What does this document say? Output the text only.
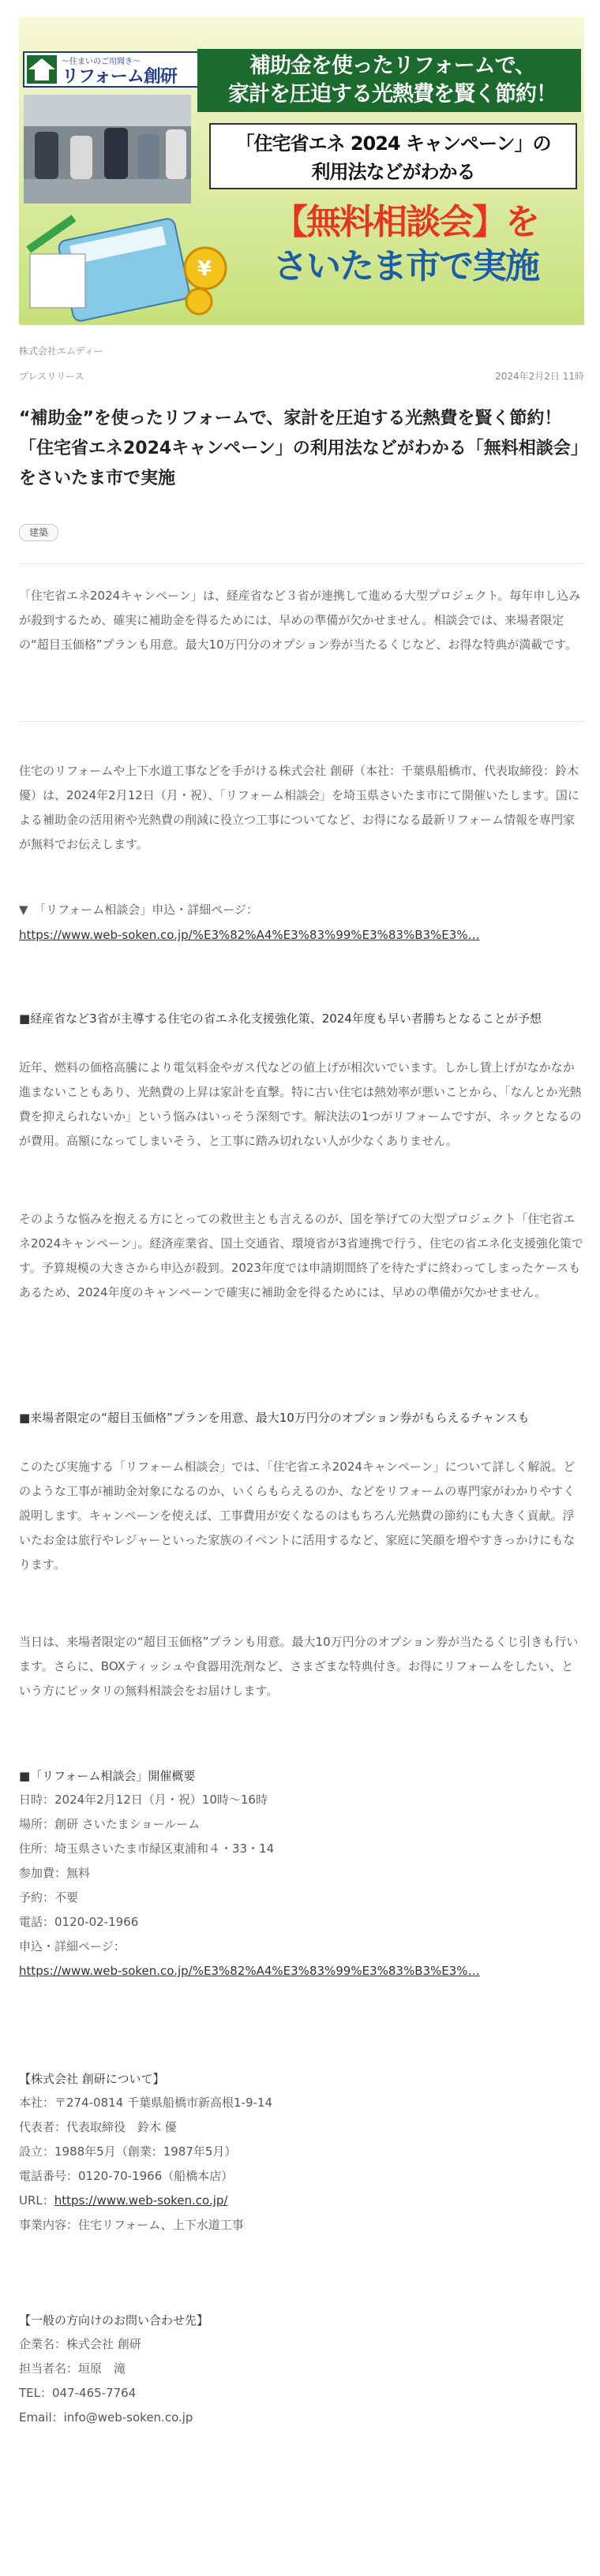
〜住まいのご用聞き〜
リフォーム創研	補助金を使ったリフォームで、
家計を圧迫する光熱費を賢く節約！
「住宅省エネ 2024 キャンペーン」の
利用法などがわかる
【無料相談会】を
さいたま市で実施
¥
株式会社エムディー
プレスリリース	2024年2月2日 11時
“補助金”を使ったリフォームで、家計を圧迫する光熱費を賢く節約！「住宅省エネ2024キャンペーン」の利用法などがわかる「無料相談会」をさいたま市で実施
建築
「住宅省エネ2024キャンペーン」は、経産省など３省が連携して進める大型プロジェクト。毎年申し込みが殺到するため、確実に補助金を得るためには、早めの準備が欠かせません。相談会では、来場者限定の“超目玉価格”プランも用意。最大10万円分のオプション券が当たるくじなど、お得な特典が満載です。
住宅のリフォームや上下水道工事などを手がける株式会社 創研（本社：千葉県船橋市、代表取締役：鈴木 優）は、2024年2月12日（月・祝）、「リフォーム相談会」を埼玉県さいたま市にて開催いたします。国による補助金の活用術や光熱費の削減に役立つ工事についてなど、お得になる最新リフォーム情報を専門家が無料でお伝えします。
▼　「リフォーム相談会」申込・詳細ページ：
https://www.web-soken.co.jp/%E3%82%A4%E3%83%99%E3%83%B3%E3%…
■経産省など3省が主導する住宅の省エネ化支援強化策、2024年度も早い者勝ちとなることが予想
近年、燃料の価格高騰により電気料金やガス代などの値上げが相次いでいます。しかし賃上げがなかなか進まないこともあり、光熱費の上昇は家計を直撃。特に古い住宅は熱効率が悪いことから、「なんとか光熱費を抑えられないか」という悩みはいっそう深刻です。解決法の1つがリフォームですが、ネックとなるのが費用。高額になってしまいそう、と工事に踏み切れない人が少なくありません。
そのような悩みを抱える方にとっての救世主とも言えるのが、国を挙げての大型プロジェクト「住宅省エネ2024キャンペーン」。経済産業省、国土交通省、環境省が3省連携で行う、住宅の省エネ化支援強化策です。予算規模の大きさから申込が殺到。2023年度では申請期間終了を待たずに終わってしまったケースもあるため、2024年度のキャンペーンで確実に補助金を得るためには、早めの準備が欠かせません。
■来場者限定の“超目玉価格”プランを用意、最大10万円分のオプション券がもらえるチャンスも
このたび実施する「リフォーム相談会」では、「住宅省エネ2024キャンペーン」について詳しく解説。どのような工事が補助金対象になるのか、いくらもらえるのか、などをリフォームの専門家がわかりやすく説明します。キャンペーンを使えば、工事費用が安くなるのはもちろん光熱費の節約にも大きく貢献。浮いたお金は旅行やレジャーといった家族のイベントに活用するなど、家庭に笑顔を増やすきっかけにもなります。
当日は、来場者限定の“超目玉価格”プランも用意。最大10万円分のオプション券が当たるくじ引きも行います。さらに、BOXティッシュや食器用洗剤など、さまざまな特典付き。お得にリフォームをしたい、という方にピッタリの無料相談会をお届けします。
■「リフォーム相談会」開催概要
日時：2024年2月12日（月・祝）10時〜16時
場所：創研 さいたまショールーム
住所：埼玉県さいたま市緑区東浦和４・33・14
参加費：無料
予約：不要
電話：0120-02-1966
申込・詳細ページ：
https://www.web-soken.co.jp/%E3%82%A4%E3%83%99%E3%83%B3%E3%…
【株式会社 創研について】
本社：〒274-0814 千葉県船橋市新高根1-9-14
代表者：代表取締役　鈴木 優
設立：1988年5月（創業：1987年5月）
電話番号：0120-70-1966（船橋本店）
URL：https://www.web-soken.co.jp/
事業内容：住宅リフォーム、上下水道工事
【一般の方向けのお問い合わせ先】
企業名：株式会社 創研
担当者名：垣原　滝
TEL：047-465-7764
Email：info@web-soken.co.jp
